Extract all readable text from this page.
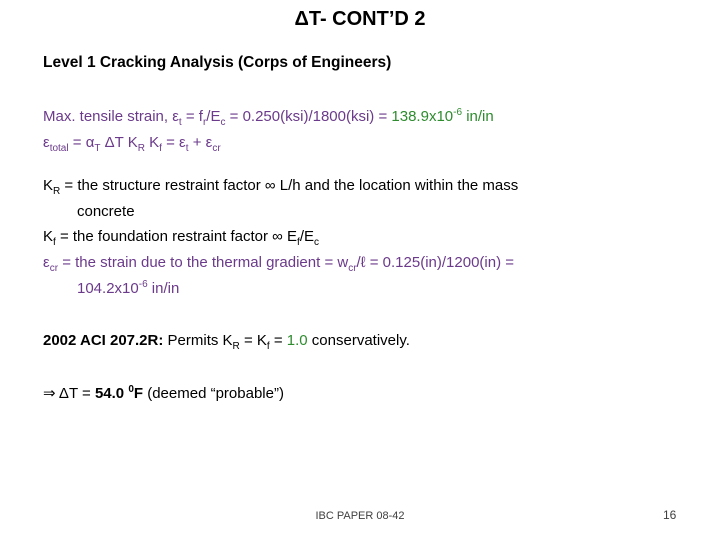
ΔT- CONT’D 2
Level 1 Cracking Analysis (Corps of Engineers)
Max. tensile strain, $\varepsilon_t = f_r/E_c = 0.250(ksi)/1800(ksi) = 138.9x10^{-6}$ in/in
$\varepsilon_{total} = \alpha_T$ ΔT $K_R$ $K_f = \varepsilon_t + \varepsilon_{cr}$
$K_R$ = the structure restraint factor ∞ L/h and the location within the mass
concrete
$K_f$ = the foundation restraint factor ∞ $E_f/E_c$
$\varepsilon_{cr}$ = the strain due to the thermal gradient = $w_{cr}/\ell = 0.125(in)/1200(in)$ =
$104.2x10^{-6}$ in/in
2002 ACI 207.2R: Permits $K_R = K_f = 1.0$ conservatively.
⇒ ΔT = 54.0 $^0$F (deemed “probable”)
IBC PAPER 08-42	16
